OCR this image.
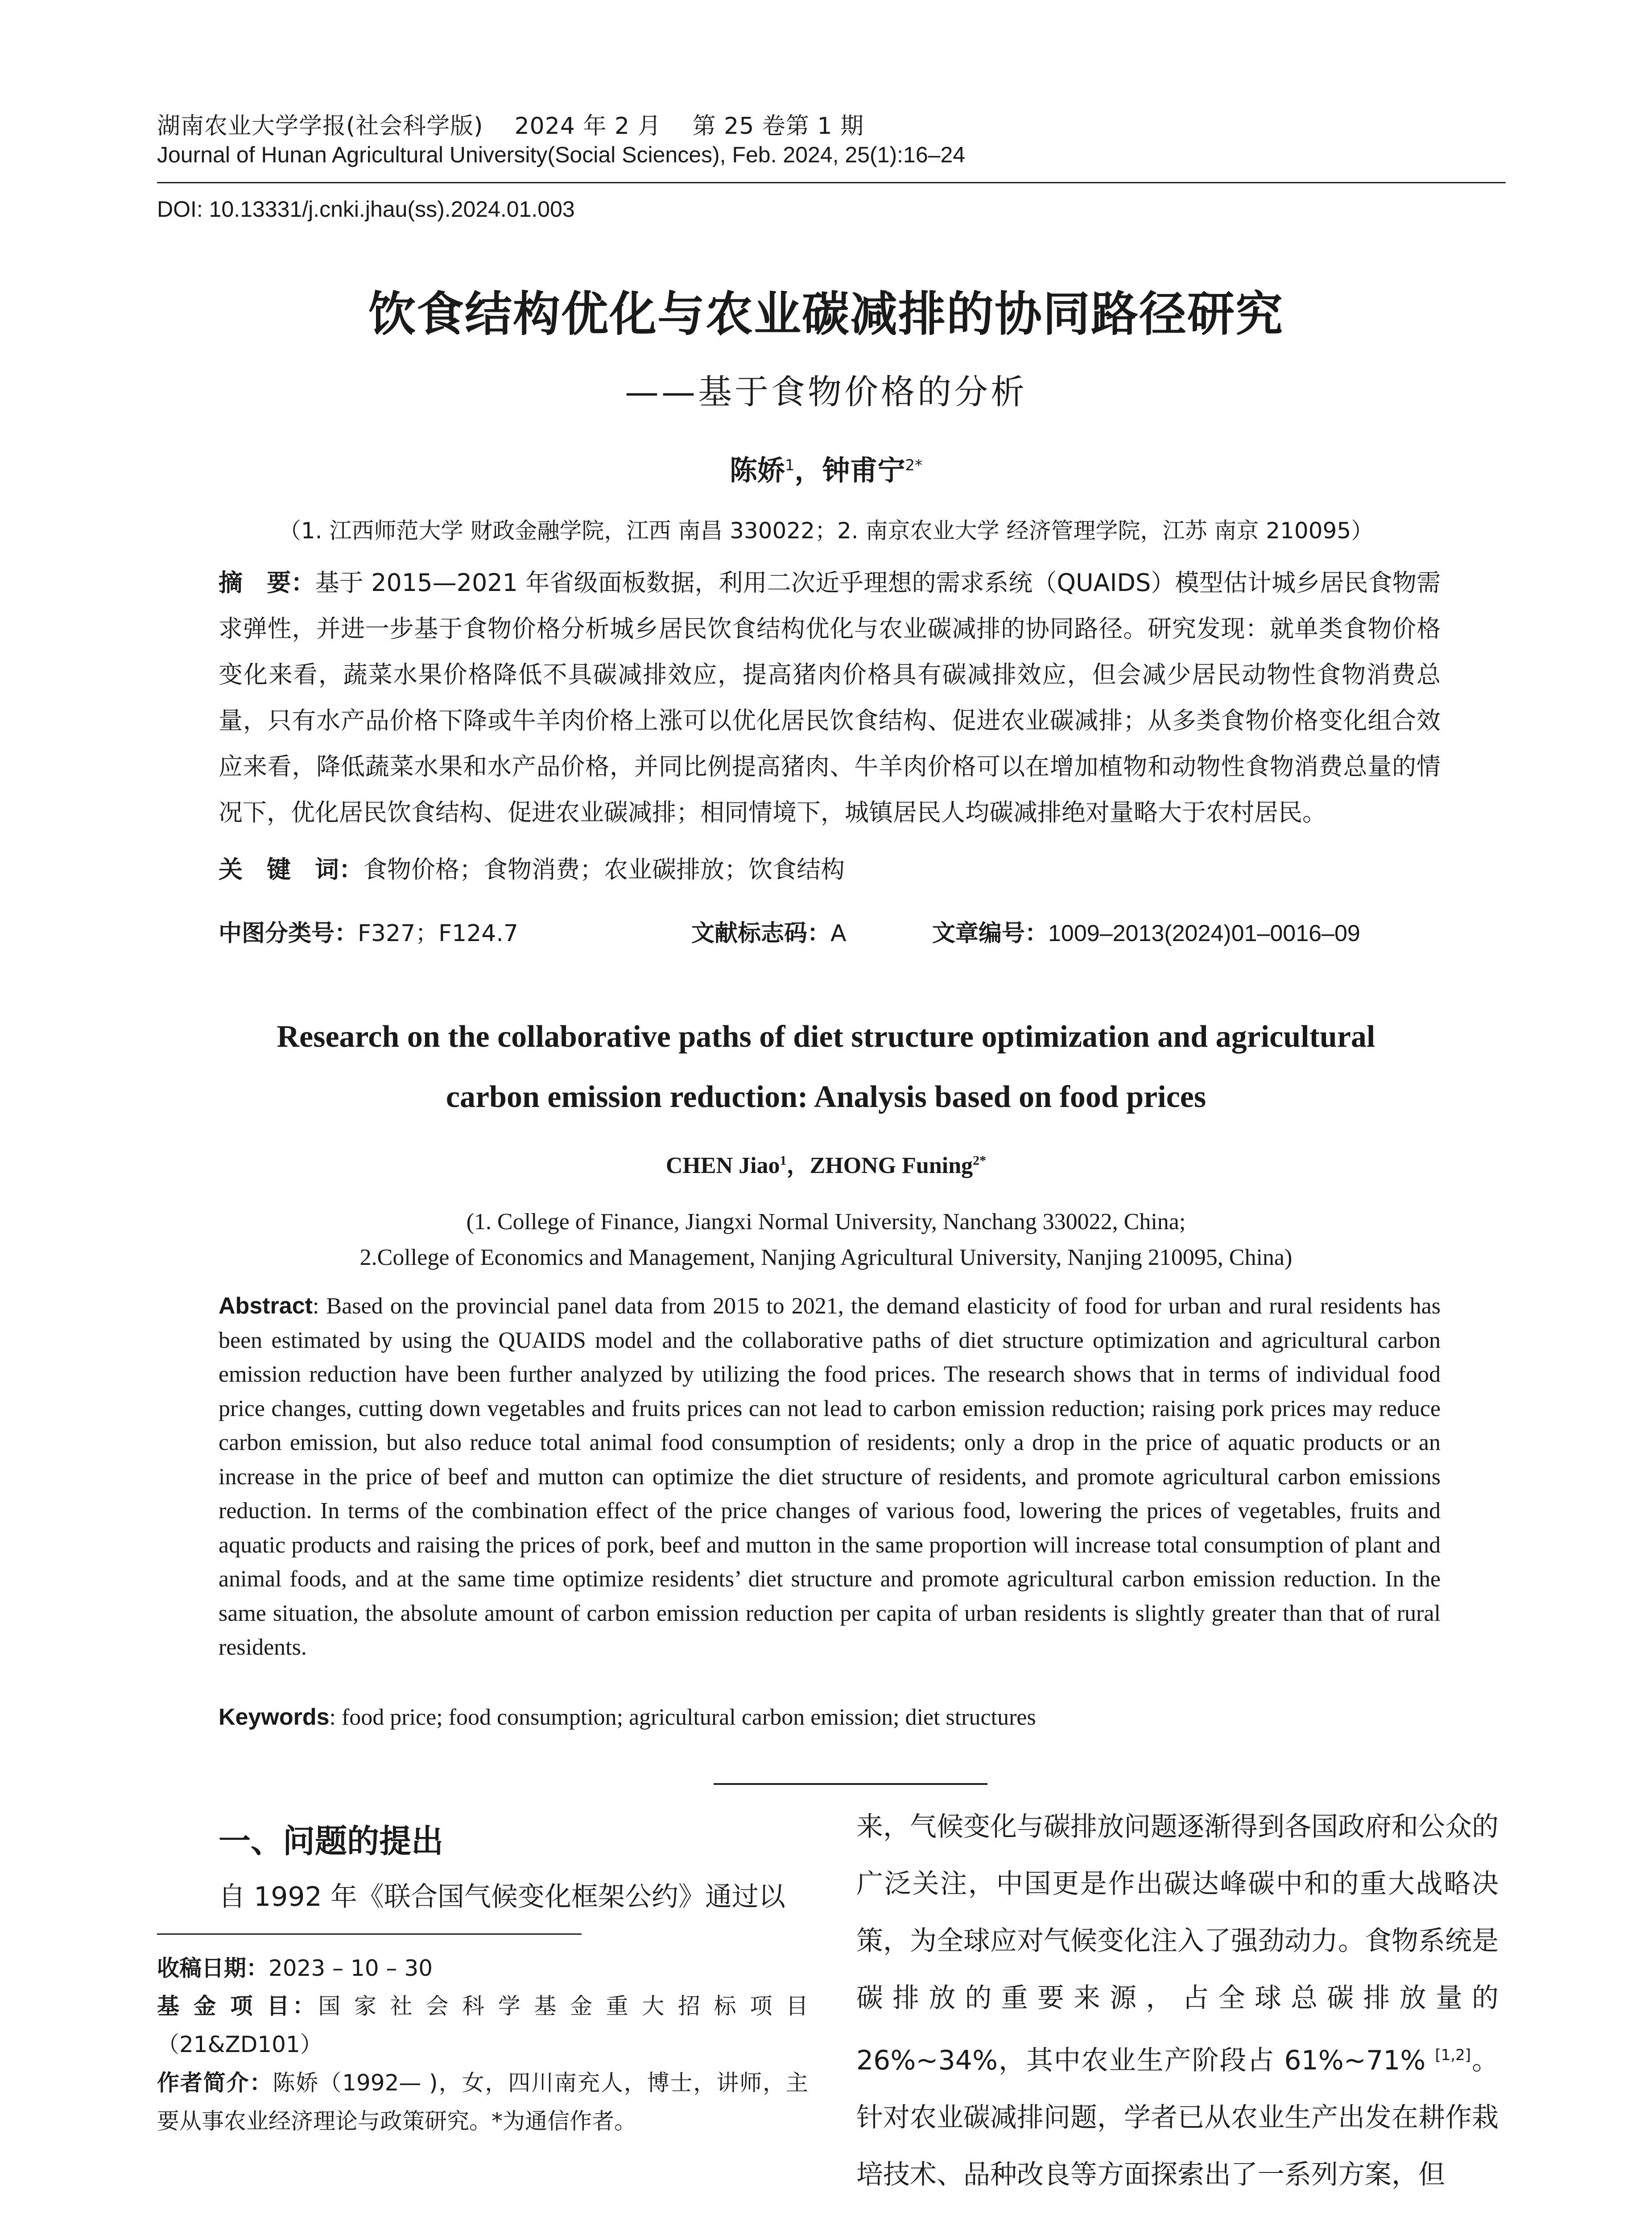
湖南农业大学学报(社会科学版) 2024 年 2 月 第 25 卷第 1 期
Journal of Hunan Agricultural University(Social Sciences), Feb. 2024, 25(1):16–24
DOI: 10.13331/j.cnki.jhau(ss).2024.01.003
饮食结构优化与农业碳减排的协同路径研究
——基于食物价格的分析
陈娇$^1$，钟甫宁$^{2*}$
（1. 江西师范大学 财政金融学院，江西 南昌 330022；2. 南京农业大学 经济管理学院，江苏 南京 210095）
摘　要：基于 2015—2021 年省级面板数据，利用二次近乎理想的需求系统（QUAIDS）模型估计城乡居民食物需求弹性，并进一步基于食物价格分析城乡居民饮食结构优化与农业碳减排的协同路径。研究发现：就单类食物价格变化来看，蔬菜水果价格降低不具碳减排效应，提高猪肉价格具有碳减排效应，但会减少居民动物性食物消费总量，只有水产品价格下降或牛羊肉价格上涨可以优化居民饮食结构、促进农业碳减排；从多类食物价格变化组合效应来看，降低蔬菜水果和水产品价格，并同比例提高猪肉、牛羊肉价格可以在增加植物和动物性食物消费总量的情况下，优化居民饮食结构、促进农业碳减排；相同情境下，城镇居民人均碳减排绝对量略大于农村居民。
关　键　词：食物价格；食物消费；农业碳排放；饮食结构
中图分类号：F327；F124.7	文献标志码：A	文章编号：1009–2013(2024)01–0016–09
Research on the collaborative paths of diet structure optimization and agricultural
carbon emission reduction: Analysis based on food prices
CHEN Jiao$^1$，ZHONG Funing$^{2*}$
(1. College of Finance, Jiangxi Normal University, Nanchang 330022, China;
2.College of Economics and Management, Nanjing Agricultural University, Nanjing 210095, China)
Abstract: Based on the provincial panel data from 2015 to 2021, the demand elasticity of food for urban and rural residents has been estimated by using the QUAIDS model and the collaborative paths of diet structure optimization and agricultural carbon emission reduction have been further analyzed by utilizing the food prices. The research shows that in terms of individual food price changes, cutting down vegetables and fruits prices can not lead to carbon emission reduction; raising pork prices may reduce carbon emission, but also reduce total animal food consumption of residents; only a drop in the price of aquatic products or an increase in the price of beef and mutton can optimize the diet structure of residents, and promote agricultural carbon emissions reduction. In terms of the combination effect of the price changes of various food, lowering the prices of vegetables, fruits and aquatic products and raising the prices of pork, beef and mutton in the same proportion will increase total consumption of plant and animal foods, and at the same time optimize residents’ diet structure and promote agricultural carbon emission reduction. In the same situation, the absolute amount of carbon emission reduction per capita of urban residents is slightly greater than that of rural residents.
Keywords: food price; food consumption; agricultural carbon emission; diet structures
一、问题的提出
自 1992 年《联合国气候变化框架公约》通过以
收稿日期：2023 – 10 – 30
基 金 项 目：国 家 社 会 科 学 基 金 重 大 招 标 项 目（21&ZD101）
作者简介：陈娇（1992— )，女，四川南充人，博士，讲师，主要从事农业经济理论与政策研究。*为通信作者。
来，气候变化与碳排放问题逐渐得到各国政府和公众的广泛关注，中国更是作出碳达峰碳中和的重大战略决策，为全球应对气候变化注入了强劲动力。食物系统是碳排放的重要来源，占全球总碳排放量的 26%~34%，其中农业生产阶段占 61%~71% [1,2]。针对农业碳减排问题，学者已从农业生产出发在耕作栽培技术、品种改良等方面探索出了一系列方案，但
